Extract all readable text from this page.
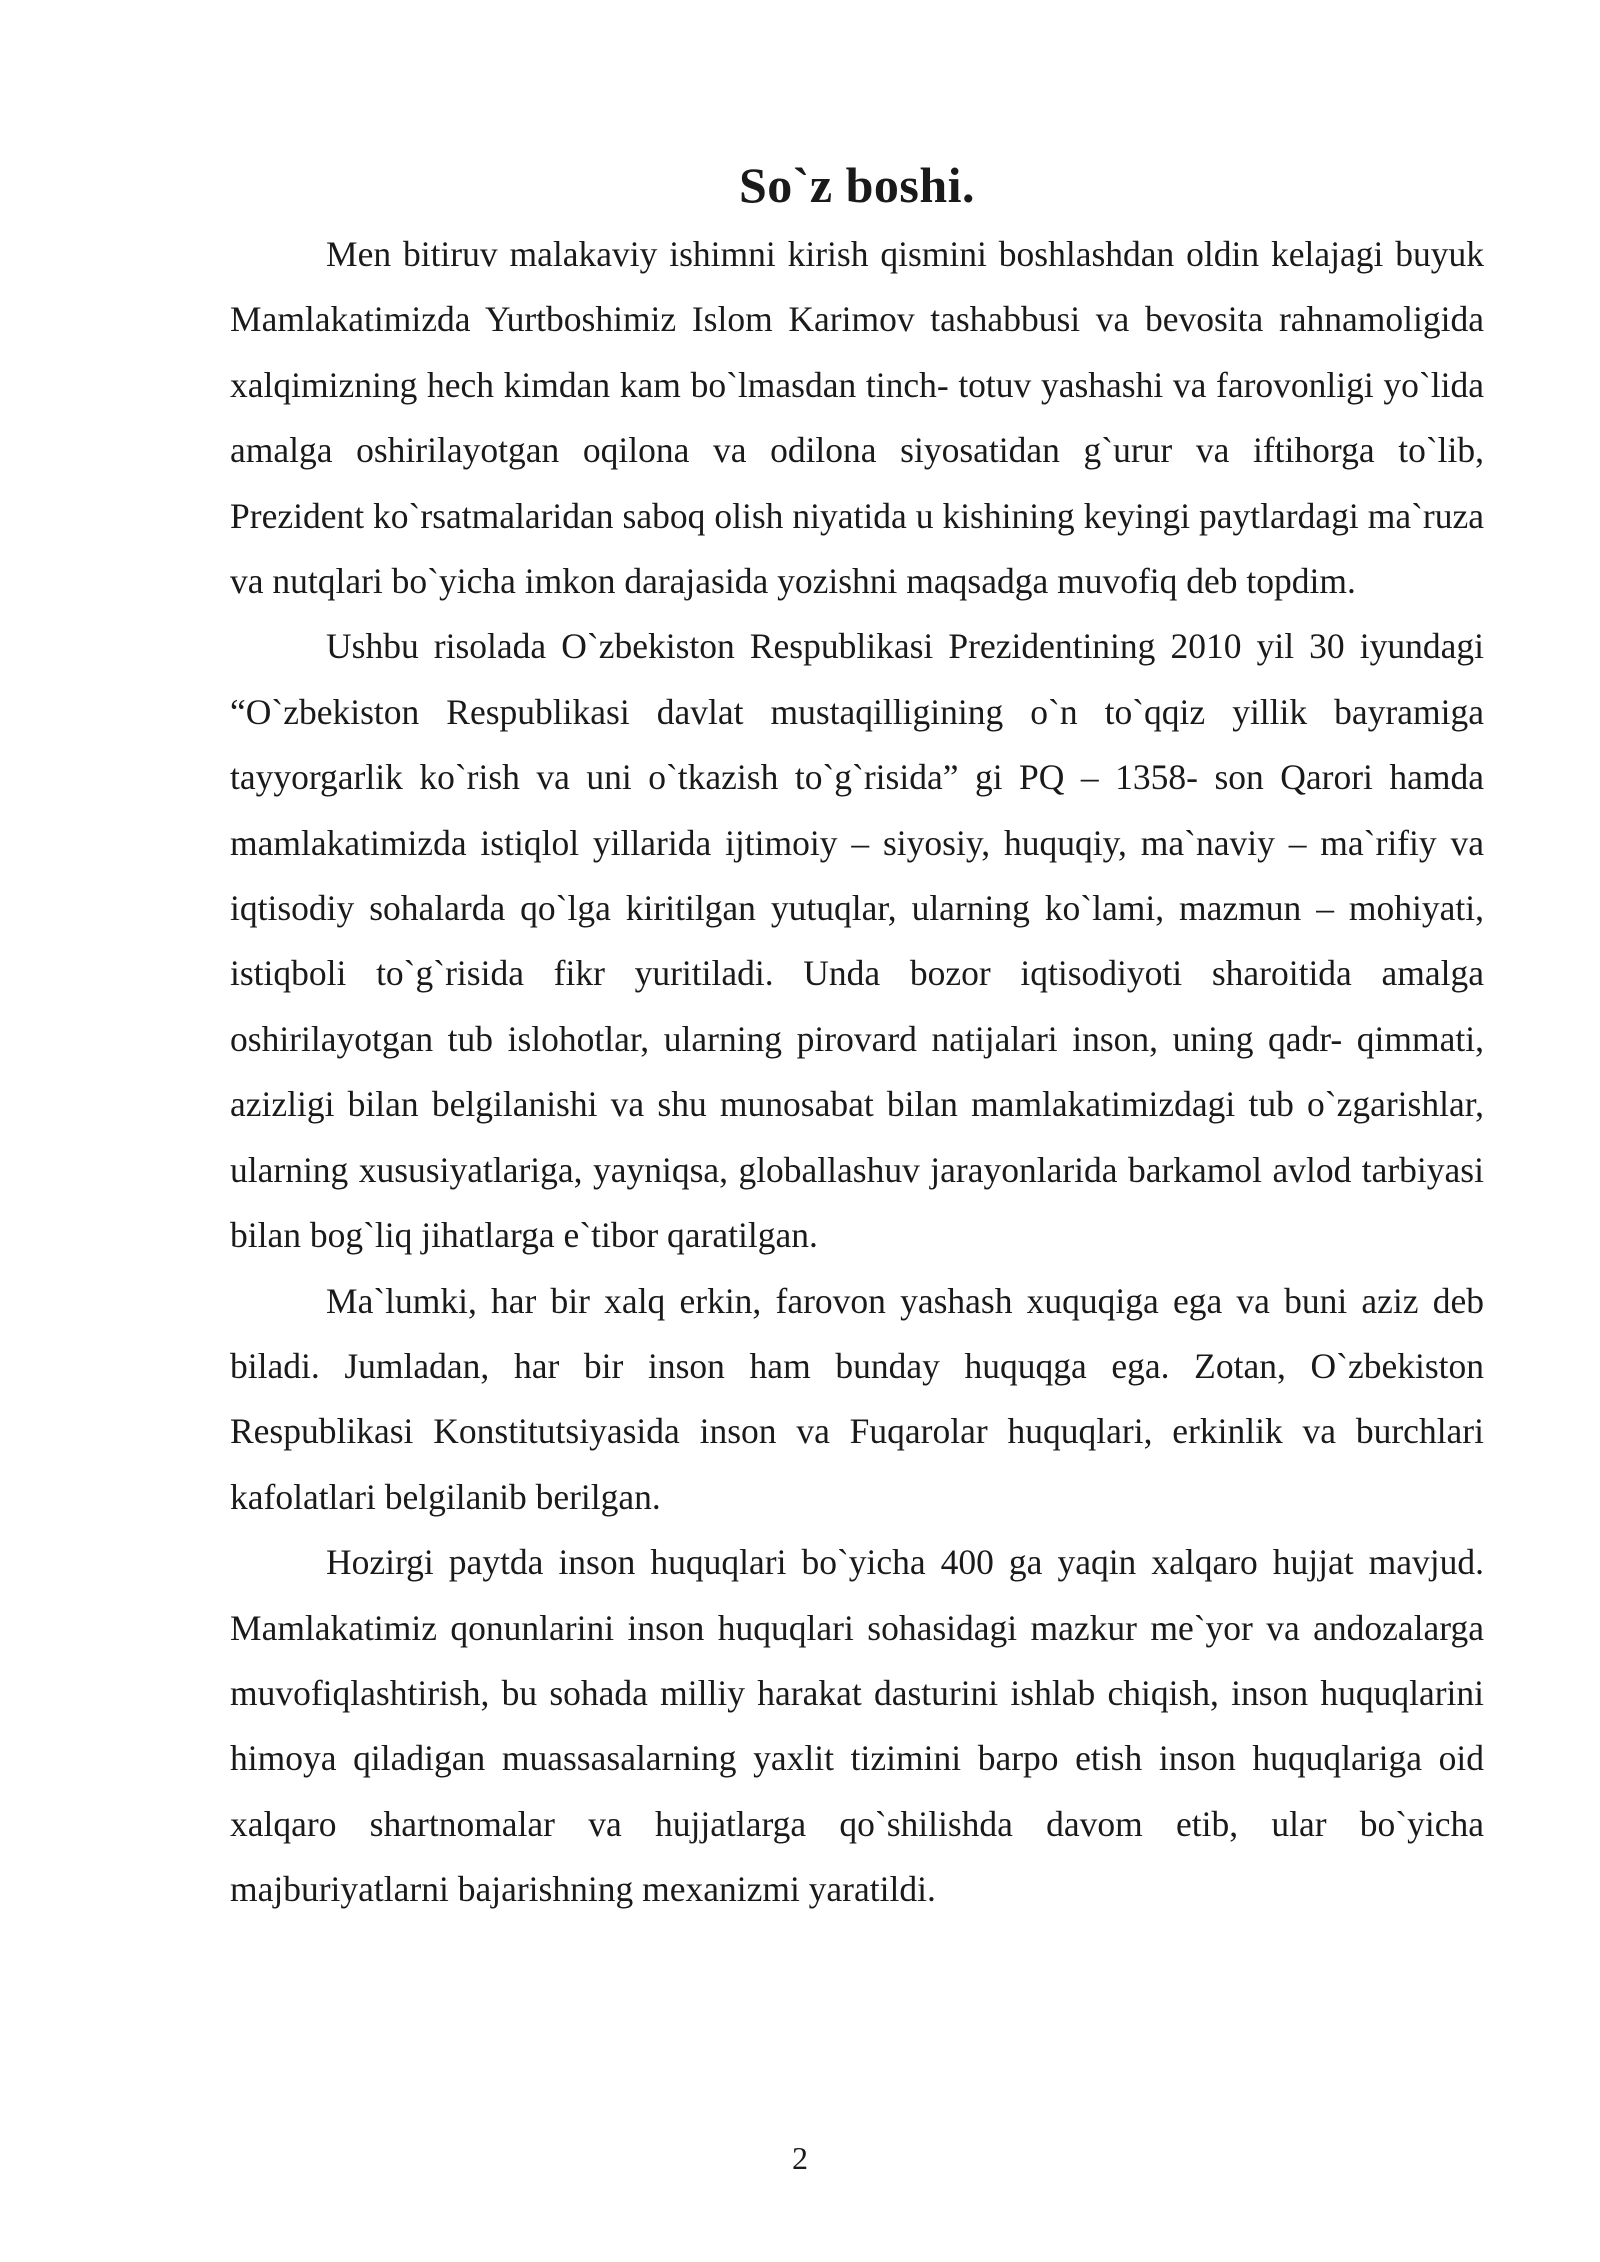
So`z boshi.

Men bitiruv malakaviy ishimni kirish qismini boshlashdan oldin kelajagi buyuk Mamlakatimizda Yurtboshimiz Islom Karimov tashabbusi va bevosita rahnamoligida xalqimizning hech kimdan kam bo`lmasdan tinch- totuv yashashi va farovonligi yo`lida amalga oshirilayotgan oqilona va odilona siyosatidan g`urur va iftihorga to`lib, Prezident ko`rsatmalaridan saboq olish niyatida u kishining keyingi paytlardagi ma`ruza va nutqlari bo`yicha imkon darajasida yozishni maqsadga muvofiq deb topdim.

Ushbu risolada O`zbekiston Respublikasi Prezidentining 2010 yil 30 iyundagi “O`zbekiston Respublikasi davlat mustaqilligining o`n to`qqiz yillik bayramiga tayyorgarlik ko`rish va uni o`tkazish to`g`risida” gi PQ – 1358- son Qarori hamda mamlakatimizda istiqlol yillarida ijtimoiy – siyosiy, huquqiy, ma`naviy – ma`rifiy va iqtisodiy sohalarda qo`lga kiritilgan yutuqlar, ularning ko`lami, mazmun – mohiyati, istiqboli to`g`risida fikr yuritiladi. Unda bozor iqtisodiyoti sharoitida amalga oshirilayotgan tub islohotlar, ularning pirovard natijalari inson, uning qadr- qimmati, azizligi bilan belgilanishi va shu munosabat bilan mamlakatimizdagi tub o`zgarishlar, ularning xususiyatlariga, yayniqsa, globallashuv jarayonlarida barkamol avlod tarbiyasi bilan bog`liq jihatlarga e`tibor qaratilgan.

Ma`lumki, har bir xalq erkin, farovon yashash xuquqiga ega va buni aziz deb biladi. Jumladan, har bir inson ham bunday huquqga ega. Zotan, O`zbekiston Respublikasi Konstitutsiyasida inson va Fuqarolar huquqlari, erkinlik va burchlari kafolatlari belgilanib berilgan.

Hozirgi paytda inson huquqlari bo`yicha 400 ga yaqin xalqaro hujjat mavjud. Mamlakatimiz qonunlarini inson huquqlari sohasidagi mazkur me`yor va andozalarga muvofiqlashtirish, bu sohada milliy harakat dasturini ishlab chiqish, inson huquqlarini himoya qiladigan muassasalarning yaxlit tizimini barpo etish inson huquqlariga oid xalqaro shartnomalar va hujjatlarga qo`shilishda davom etib, ular bo`yicha majburiyatlarni bajarishning mexanizmi yaratildi.

2
